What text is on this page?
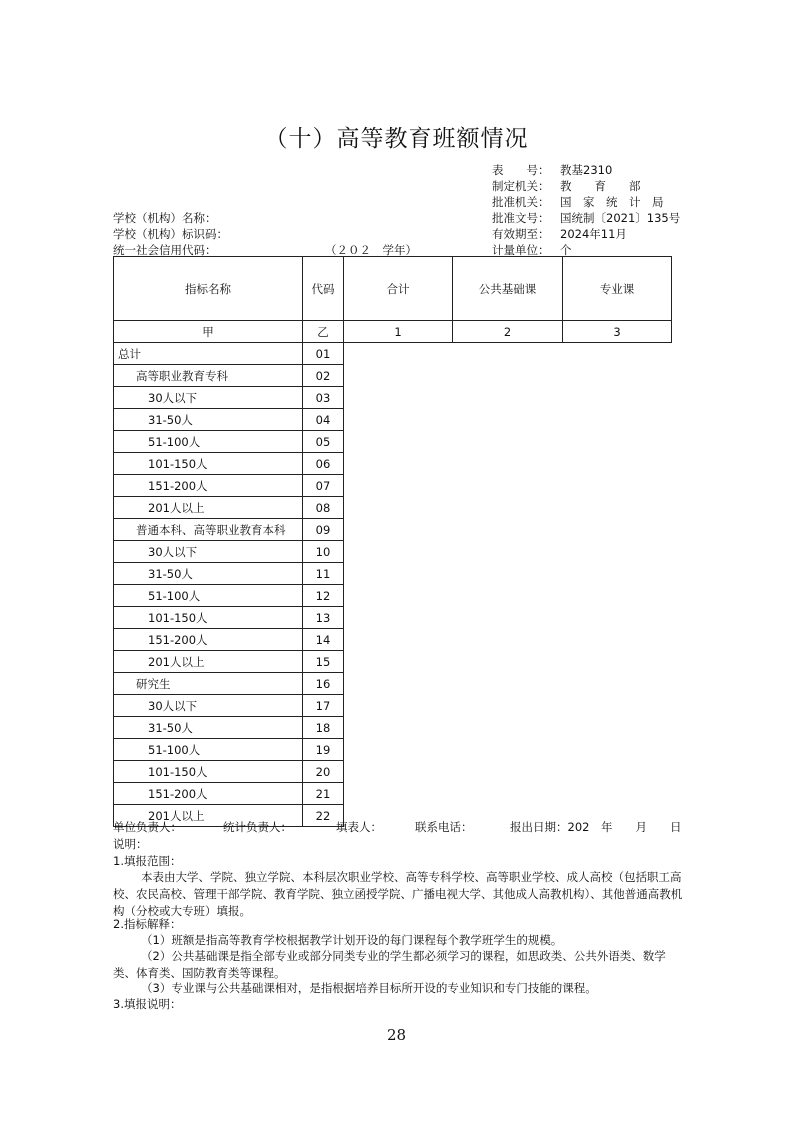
（十）高等教育班额情况
表　　号： 教基2310
制定机关： 教　　育　　部
批准机关： 国　家　统　计　局
批准文号： 国统制〔2021〕135号
有效期至： 2024年11月
计量单位： 个
学校（机构）名称：
学校（机构）标识码：
统一社会信用代码：	（２０２　学年）
指标名称	代码	合计	公共基础课	专业课
甲	乙	1	2	3
总计	01			
高等职业教育专科	02			
30人以下	03			
31-50人	04			
51-100人	05			
101-150人	06			
151-200人	07			
201人以上	08			
普通本科、高等职业教育本科	09			
30人以下	10			
31-50人	11			
51-100人	12			
101-150人	13			
151-200人	14			
201人以上	15			
研究生	16			
30人以下	17			
31-50人	18			
51-100人	19			
101-150人	20			
151-200人	21			
201人以上	22			
单位负责人：	统计负责人：	填表人：	联系电话：	报出日期：202　年　　月　　日
说明：
1.填报范围：
本表由大学、学院、独立学院、本科层次职业学校、高等专科学校、高等职业学校、成人高校（包括职工高校、农民高校、管理干部学院、教育学院、独立函授学院、广播电视大学、其他成人高教机构）、其他普通高教机构（分校或大专班）填报。
2.指标解释：
（1）班额是指高等教育学校根据教学计划开设的每门课程每个教学班学生的规模。
（2）公共基础课是指全部专业或部分同类专业的学生都必须学习的课程，如思政类、公共外语类、数学类、体育类、国防教育类等课程。
（3）专业课与公共基础课相对，是指根据培养目标所开设的专业知识和专门技能的课程。
3.填报说明：
28
